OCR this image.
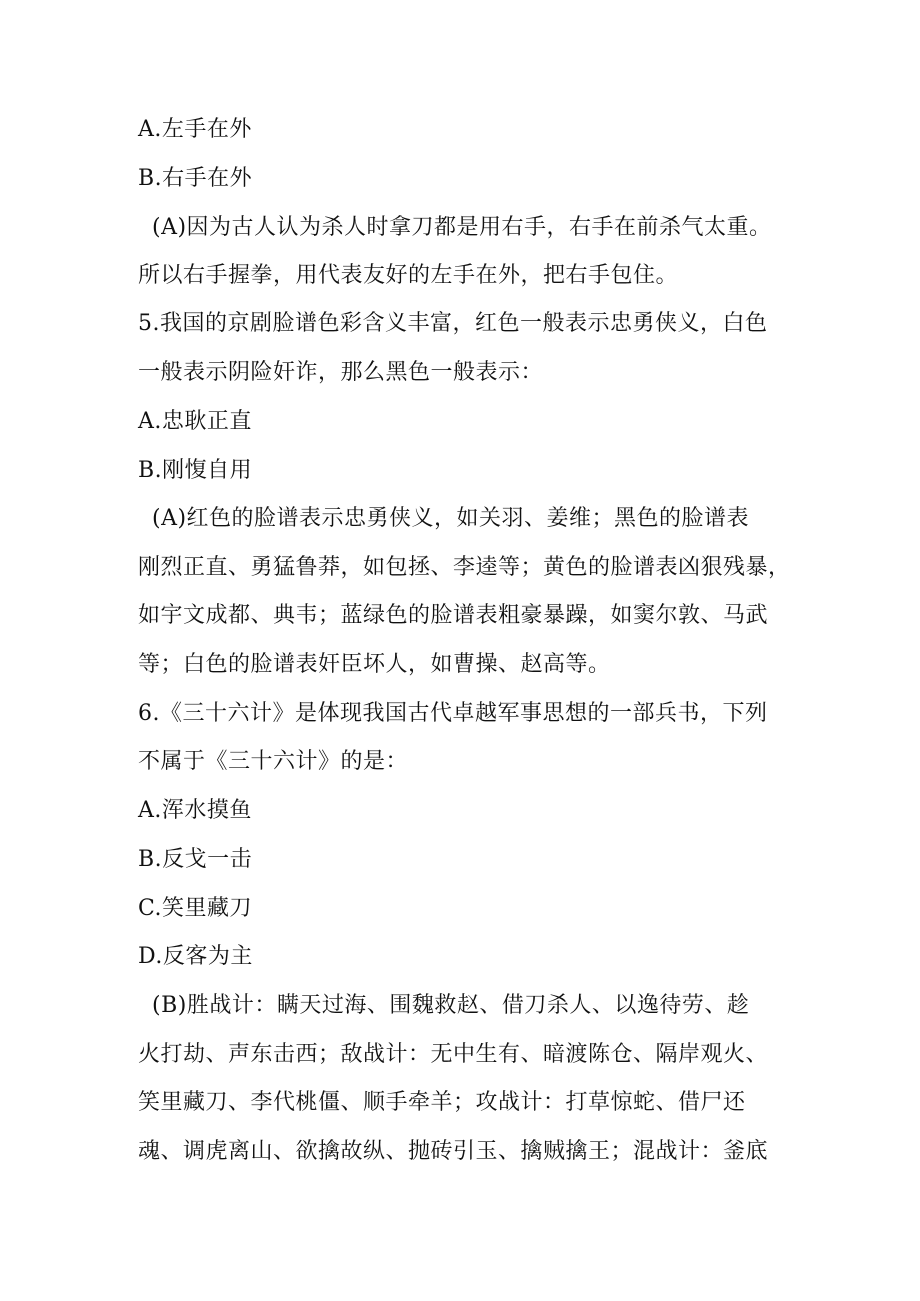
A.左手在外
B.右手在外
(A)因为古人认为杀人时拿刀都是用右手，右手在前杀气太重。
所以右手握拳，用代表友好的左手在外，把右手包住。
5.我国的京剧脸谱色彩含义丰富，红色一般表示忠勇侠义，白色
一般表示阴险奸诈，那么黑色一般表示：
A.忠耿正直
B.刚愎自用
(A)红色的脸谱表示忠勇侠义，如关羽、姜维；黑色的脸谱表
刚烈正直、勇猛鲁莽，如包拯、李逵等；黄色的脸谱表凶狠残暴，
如宇文成都、典韦；蓝绿色的脸谱表粗豪暴躁，如窦尔敦、马武
等；白色的脸谱表奸臣坏人，如曹操、赵高等。
6.《三十六计》是体现我国古代卓越军事思想的一部兵书，下列
不属于《三十六计》的是：
A.浑水摸鱼
B.反戈一击
C.笑里藏刀
D.反客为主
(B)胜战计：瞒天过海、围魏救赵、借刀杀人、以逸待劳、趁
火打劫、声东击西；敌战计：无中生有、暗渡陈仓、隔岸观火、
笑里藏刀、李代桃僵、顺手牵羊；攻战计：打草惊蛇、借尸还
魂、调虎离山、欲擒故纵、抛砖引玉、擒贼擒王；混战计：釜底
